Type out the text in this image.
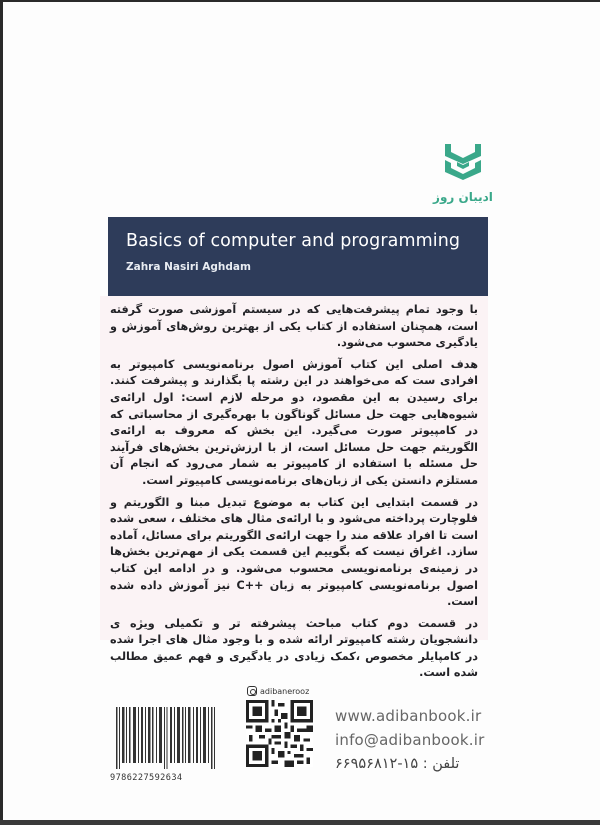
ادیبان روز
Basics of computer and programming
Zahra Nasiri Aghdam

با وجود تمام پیشرفت‌هایی که در سیستم آموزشی صورت گرفته است، همچنان استفاده از کتاب یکی از بهترین روش‌های آموزش و یادگیری محسوب می‌شود.

هدف اصلی این کتاب آموزش اصول برنامه‌نویسی کامپیوتر به افرادی ست که می‌خواهند در این رشته پا بگذارند و پیشرفت کنند. برای رسیدن به این مقصود، دو مرحله لازم است: اول ارائه‌ی شیوه‌هایی جهت حل مسائل گوناگون با بهره‌گیری از محاسباتی که در کامپیوتر صورت می‌گیرد. این بخش که معروف به ارائه‌ی الگوریتم جهت حل مسائل است، از با ارزش‌ترین بخش‌های فرآیند حل مسئله با استفاده از کامپیوتر به شمار می‌رود که انجام آن مستلزم دانستن یکی از زبان‌های برنامه‌نویسی کامپیوتر است.

در قسمت ابتدایی این کتاب به موضوع تبدیل مبنا و الگوریتم و فلوچارت پرداخته می‌شود و با ارائه‌ی مثال های مختلف ، سعی شده است تا افراد علاقه مند را جهت ارائه‌ی الگوریتم برای مسائل، آماده سازد. اغراق نیست که بگوییم این قسمت یکی از مهم‌ترین بخش‌ها در زمینه‌ی برنامه‌نویسی محسوب می‌شود. و در ادامه این کتاب اصول برنامه‌نویسی کامپیوتر به زبان ++C نیز آموزش داده شده است.

در قسمت دوم کتاب مباحث پیشرفته تر و تکمیلی ویژه ی دانشجویان رشته کامپیوتر ارائه شده و با وجود مثال های اجرا شده در کامپایلر مخصوص ،کمک زیادی در یادگیری و فهم عمیق مطالب شده است.

adibanerooz
9786227592634
www.adibanbook.ir
info@adibanbook.ir
تلفن : ۱۵-۶۶۹۵۶۸۱۲
